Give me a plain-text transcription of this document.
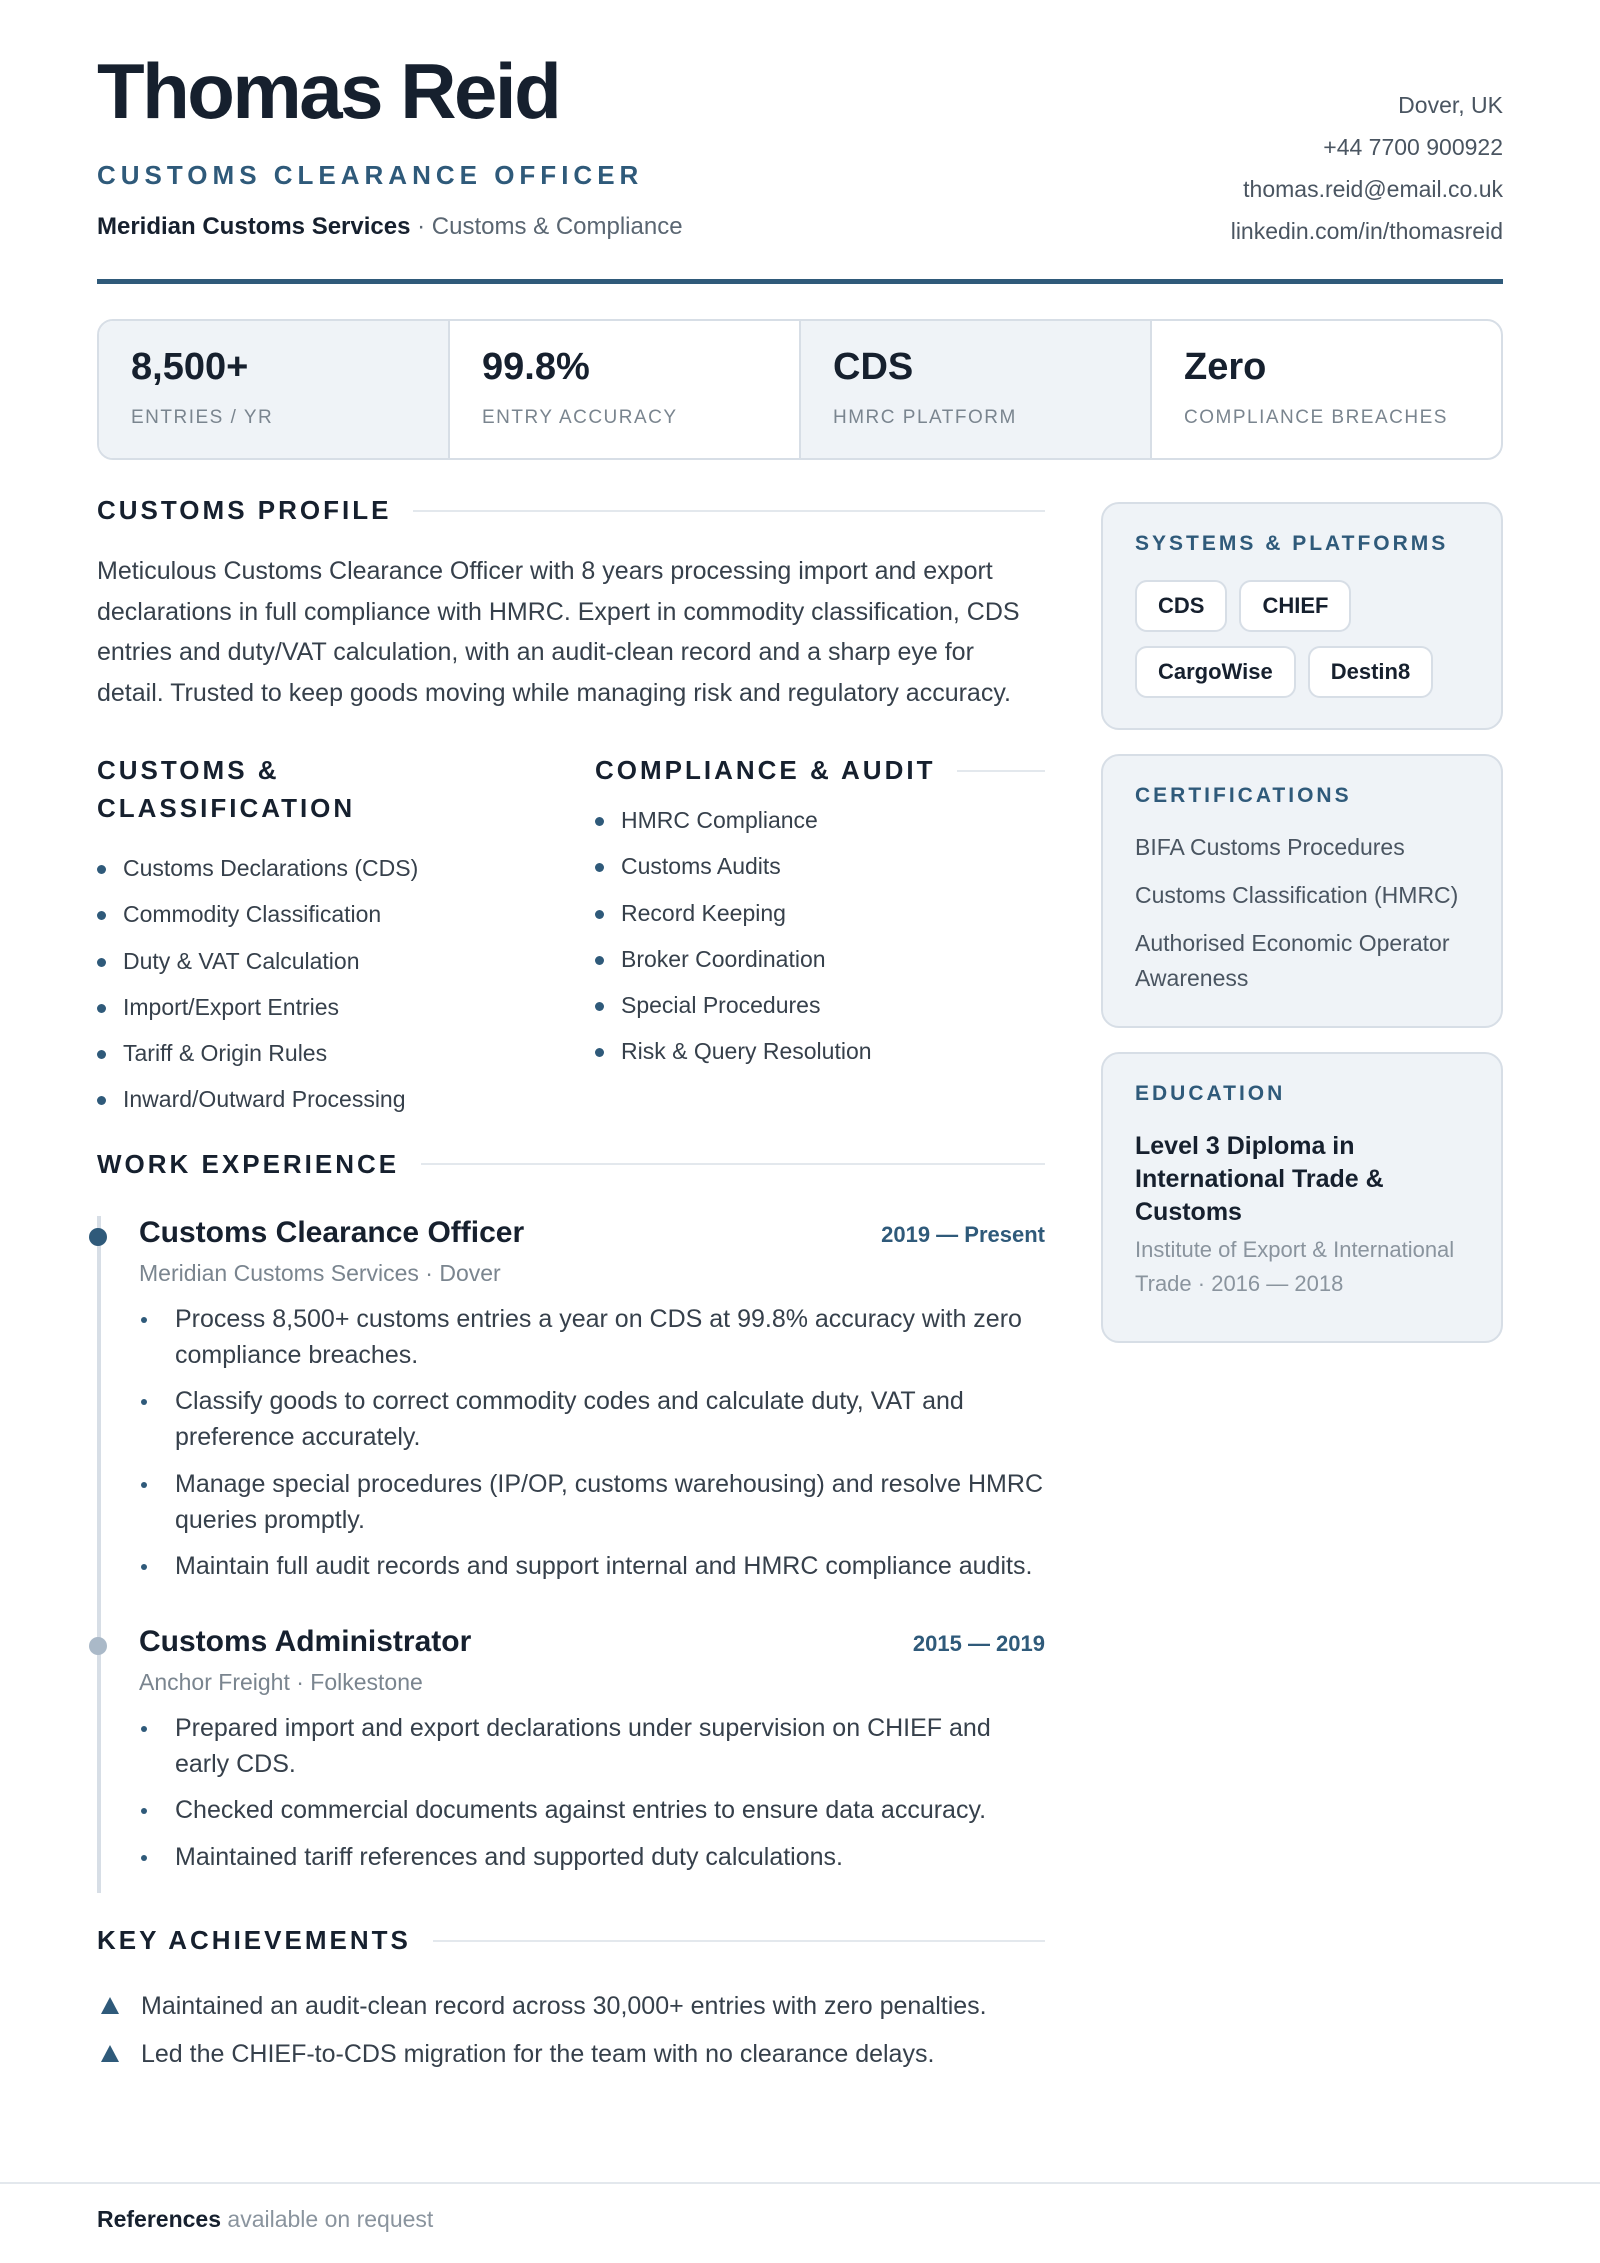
Thomas Reid
CUSTOMS CLEARANCE OFFICER
Meridian Customs Services · Customs & Compliance
Dover, UK
+44 7700 900922
thomas.reid@email.co.uk
linkedin.com/in/thomasreid
8,500+
ENTRIES / YR
99.8%
ENTRY ACCURACY
CDS
HMRC PLATFORM
Zero
COMPLIANCE BREACHES
CUSTOMS PROFILE

Meticulous Customs Clearance Officer with 8 years processing import and export declarations in full compliance with HMRC. Expert in commodity classification, CDS entries and duty/VAT calculation, with an audit-clean record and a sharp eye for detail. Trusted to keep goods moving while managing risk and regulatory accuracy.

CUSTOMS & CLASSIFICATION
Customs Declarations (CDS)
Commodity Classification
Duty & VAT Calculation
Import/Export Entries
Tariff & Origin Rules
Inward/Outward Processing
COMPLIANCE & AUDIT
HMRC Compliance
Customs Audits
Record Keeping
Broker Coordination
Special Procedures
Risk & Query Resolution
WORK EXPERIENCE
Customs Clearance Officer	2019 — Present
Meridian Customs Services · Dover
Process 8,500+ customs entries a year on CDS at 99.8% accuracy with zero compliance breaches.
Classify goods to correct commodity codes and calculate duty, VAT and preference accurately.
Manage special procedures (IP/OP, customs warehousing) and resolve HMRC queries promptly.
Maintain full audit records and support internal and HMRC compliance audits.
Customs Administrator	2015 — 2019
Anchor Freight · Folkestone
Prepared import and export declarations under supervision on CHIEF and early CDS.
Checked commercial documents against entries to ensure data accuracy.
Maintained tariff references and supported duty calculations.
KEY ACHIEVEMENTS
Maintained an audit-clean record across 30,000+ entries with zero penalties.
Led the CHIEF-to-CDS migration for the team with no clearance delays.
SYSTEMS & PLATFORMS
CDS	CHIEF
CargoWise	Destin8
CERTIFICATIONS
BIFA Customs Procedures
Customs Classification (HMRC)
Authorised Economic Operator Awareness
EDUCATION
Level 3 Diploma in International Trade & Customs
Institute of Export & International Trade · 2016 — 2018
References available on request
